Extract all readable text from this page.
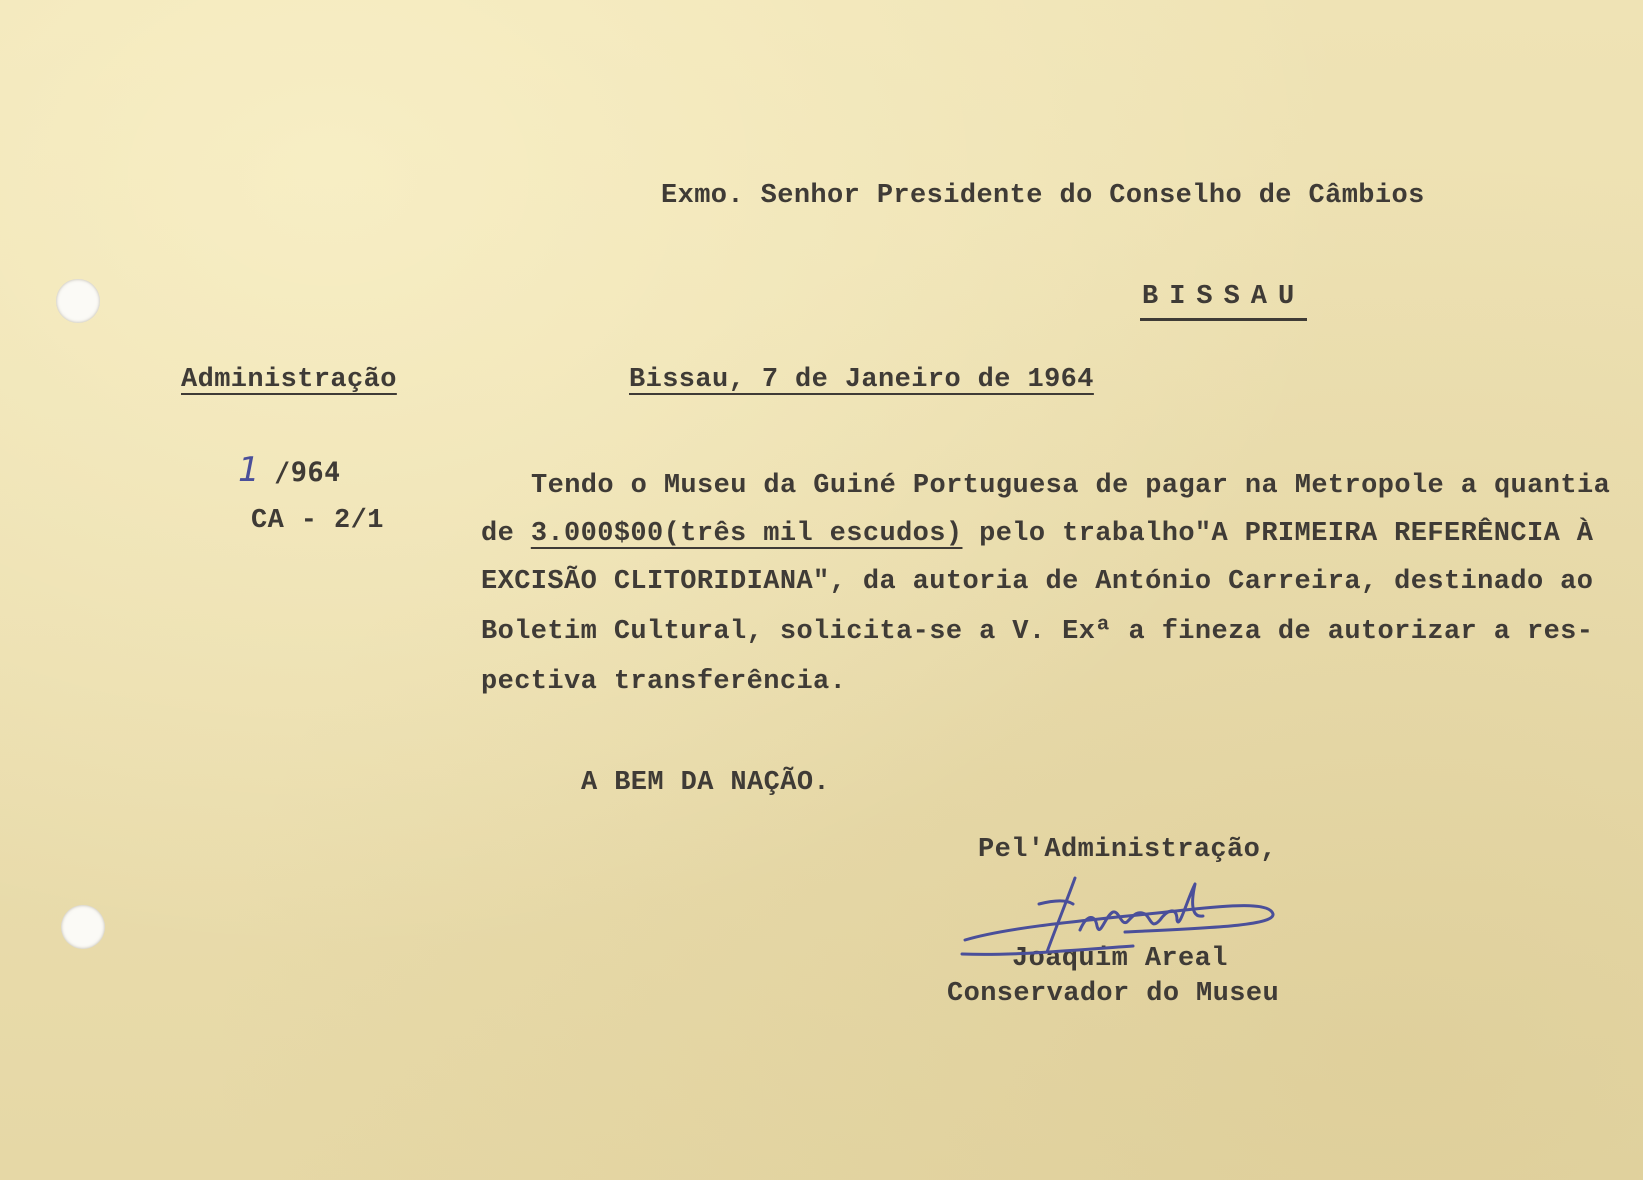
Exmo. Senhor Presidente do Conselho de Câmbios
BISSAU
Administração	Bissau, 7 de Janeiro de 1964
1 /964
CA - 2/1
Tendo o Museu da Guiné Portuguesa de pagar na Metropole a quantia
de 3.000$00(três mil escudos) pelo trabalho"A PRIMEIRA REFERÊNCIA À
EXCISÃO CLITORIDIANA", da autoria de António Carreira, destinado ao
Boletim Cultural, solicita-se a V. Exª a fineza de autorizar a res-
pectiva transferência.
A BEM DA NAÇÃO.
Pel'Administração,
Joaquim Areal
Conservador do Museu
